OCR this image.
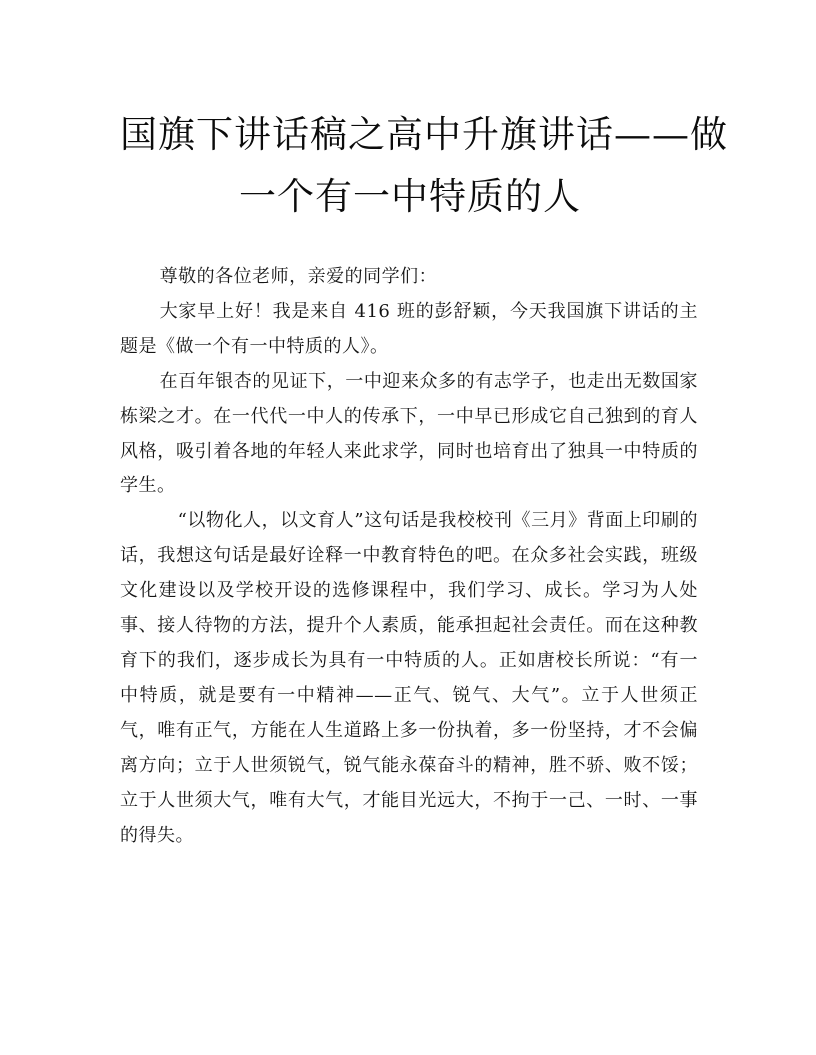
国旗下讲话稿之高中升旗讲话——做
一个有一中特质的人

尊敬的各位老师，亲爱的同学们：

大家早上好！我是来自 416 班的彭舒颖，今天我国旗下讲话的主题是《做一个有一中特质的人》。

在百年银杏的见证下，一中迎来众多的有志学子，也走出无数国家栋梁之才。在一代代一中人的传承下，一中早已形成它自己独到的育人风格，吸引着各地的年轻人来此求学，同时也培育出了独具一中特质的学生。

“以物化人，以文育人”这句话是我校校刊《三月》背面上印刷的话，我想这句话是最好诠释一中教育特色的吧。在众多社会实践，班级文化建设以及学校开设的选修课程中，我们学习、成长。学习为人处事、接人待物的方法，提升个人素质，能承担起社会责任。而在这种教育下的我们，逐步成长为具有一中特质的人。正如唐校长所说：“有一中特质，就是要有一中精神——正气、锐气、大气”。立于人世须正气，唯有正气，方能在人生道路上多一份执着，多一份坚持，才不会偏离方向；立于人世须锐气，锐气能永葆奋斗的精神，胜不骄、败不馁；立于人世须大气，唯有大气，才能目光远大，不拘于一己、一时、一事的得失。
